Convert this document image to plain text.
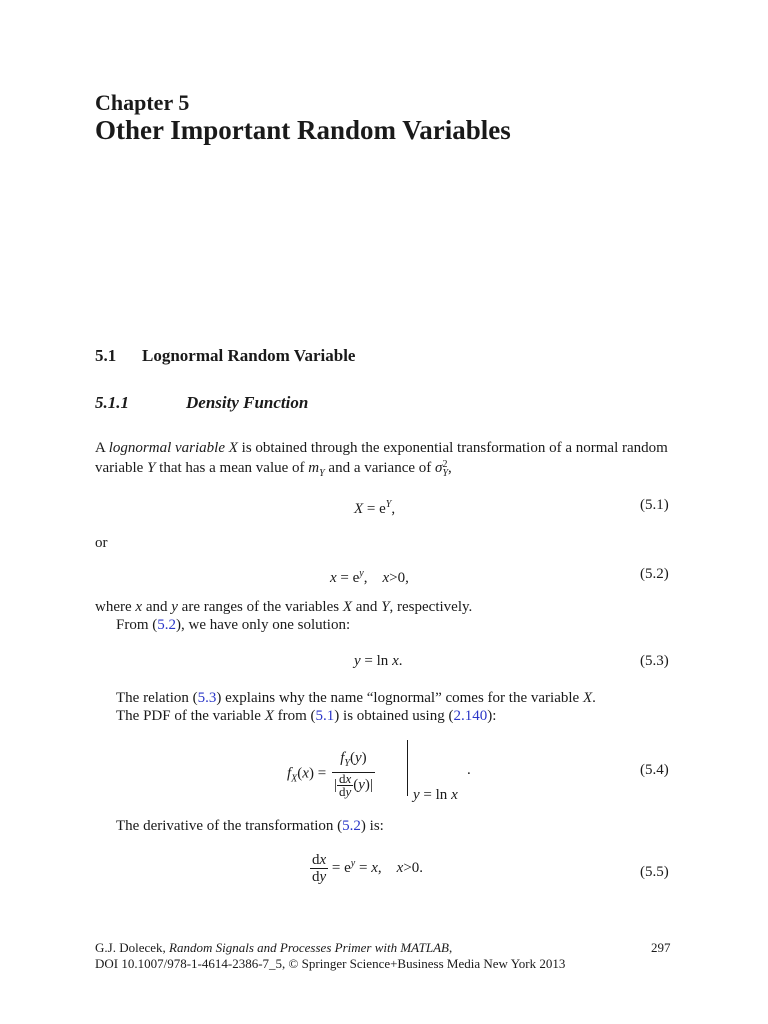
Chapter 5
Other Important Random Variables
5.1 Lognormal Random Variable
5.1.1	Density Function

A lognormal variable X is obtained through the exponential transformation of a normal random variable Y that has a mean value of $m_Y$ and a variance of σ 2
Y ,

$X = e^Y$,	(5.1)
or
$x = e^y$,    x>0,	(5.2)

where x and y are ranges of the variables X and Y, respectively.

From (5.2), we have only one solution:

y = ln x.	(5.3)

The relation (5.3) explains why the name “lognormal” comes for the variable X.

The PDF of the variable X from (5.1) is obtained using (2.140):

$f_X(x) = \frac{f_Y(y)}{| \frac{dx}{dy} (y)|}$	y = ln x
.	(5.4)

The derivative of the transformation (5.2) is:

$\frac{dx}{dy} = e^y = x$,    x>0.	(5.5)
G.J. Dolecek, Random Signals and Processes Primer with MATLAB,
DOI 10.1007/978-1-4614-2386-7_5, © Springer Science+Business Media New York 2013
297
